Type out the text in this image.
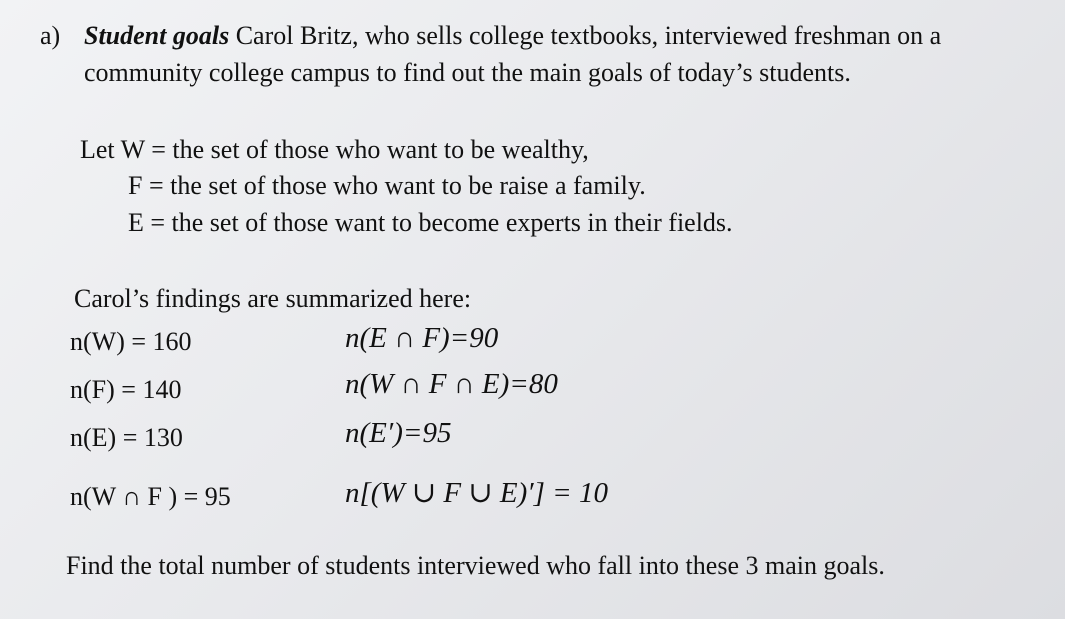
a) Student goals Carol Britz, who sells college textbooks, interviewed freshman on a
community college campus to find out the main goals of today’s students.
Let W = the set of those who want to be wealthy,
F = the set of those who want to be raise a family.
E = the set of those want to become experts in their fields.
Carol’s findings are summarized here:
n(W) = 160
n(F) = 140
n(E) = 130
n(W ∩ F ) = 95
n(E ∩ F)=90
n(W ∩ F ∩ E)=80
n(E′)=95
n[(W ∪ F ∪ E)′] = 10
Find the total number of students interviewed who fall into these 3 main goals.
